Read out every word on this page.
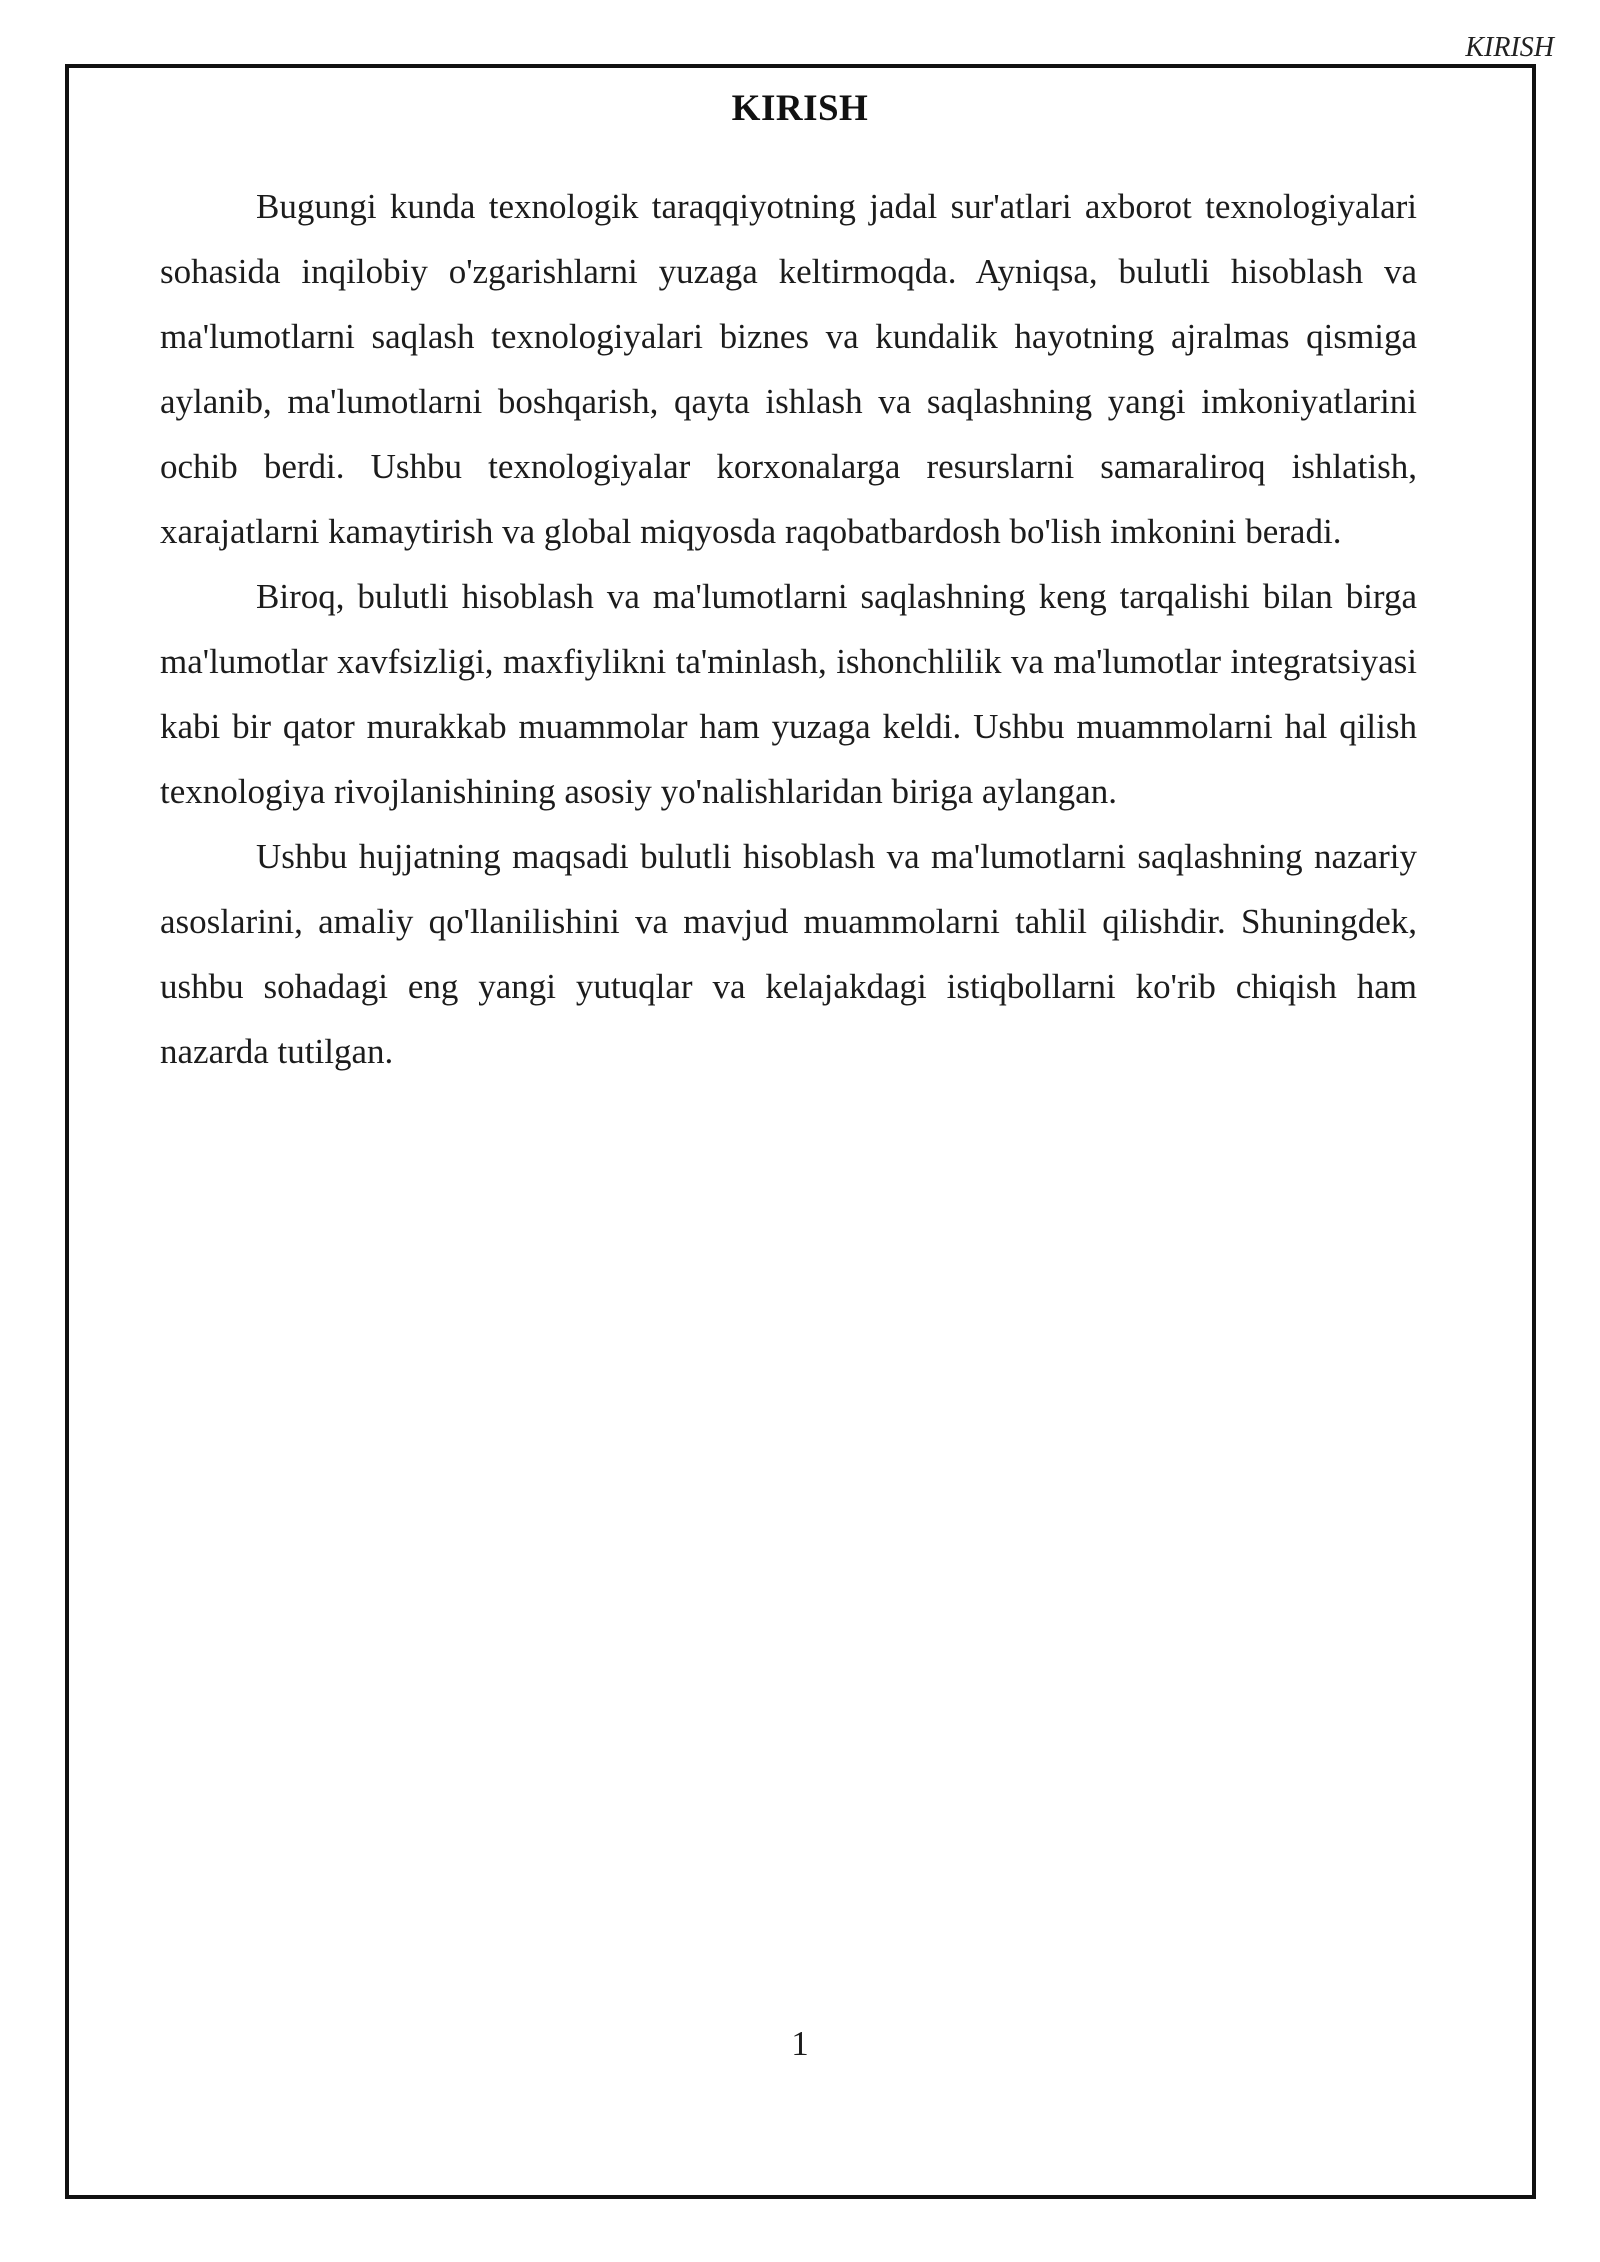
KIRISH
KIRISH

Bugungi kunda texnologik taraqqiyotning jadal sur'atlari axborot texnologiyalari sohasida inqilobiy o'zgarishlarni yuzaga keltirmoqda. Ayniqsa, bulutli hisoblash va ma'lumotlarni saqlash texnologiyalari biznes va kundalik hayotning ajralmas qismiga aylanib, ma'lumotlarni boshqarish, qayta ishlash va saqlashning yangi imkoniyatlarini ochib berdi. Ushbu texnologiyalar korxonalarga resurslarni samaraliroq ishlatish, xarajatlarni kamaytirish va global miqyosda raqobatbardosh bo'lish imkonini beradi.

Biroq, bulutli hisoblash va ma'lumotlarni saqlashning keng tarqalishi bilan birga ma'lumotlar xavfsizligi, maxfiylikni ta'minlash, ishonchlilik va ma'lumotlar integratsiyasi kabi bir qator murakkab muammolar ham yuzaga keldi. Ushbu muammolarni hal qilish texnologiya rivojlanishining asosiy yo'nalishlaridan biriga aylangan.

Ushbu hujjatning maqsadi bulutli hisoblash va ma'lumotlarni saqlashning nazariy asoslarini, amaliy qo'llanilishini va mavjud muammolarni tahlil qilishdir. Shuningdek, ushbu sohadagi eng yangi yutuqlar va kelajakdagi istiqbollarni ko'rib chiqish ham nazarda tutilgan.

1
